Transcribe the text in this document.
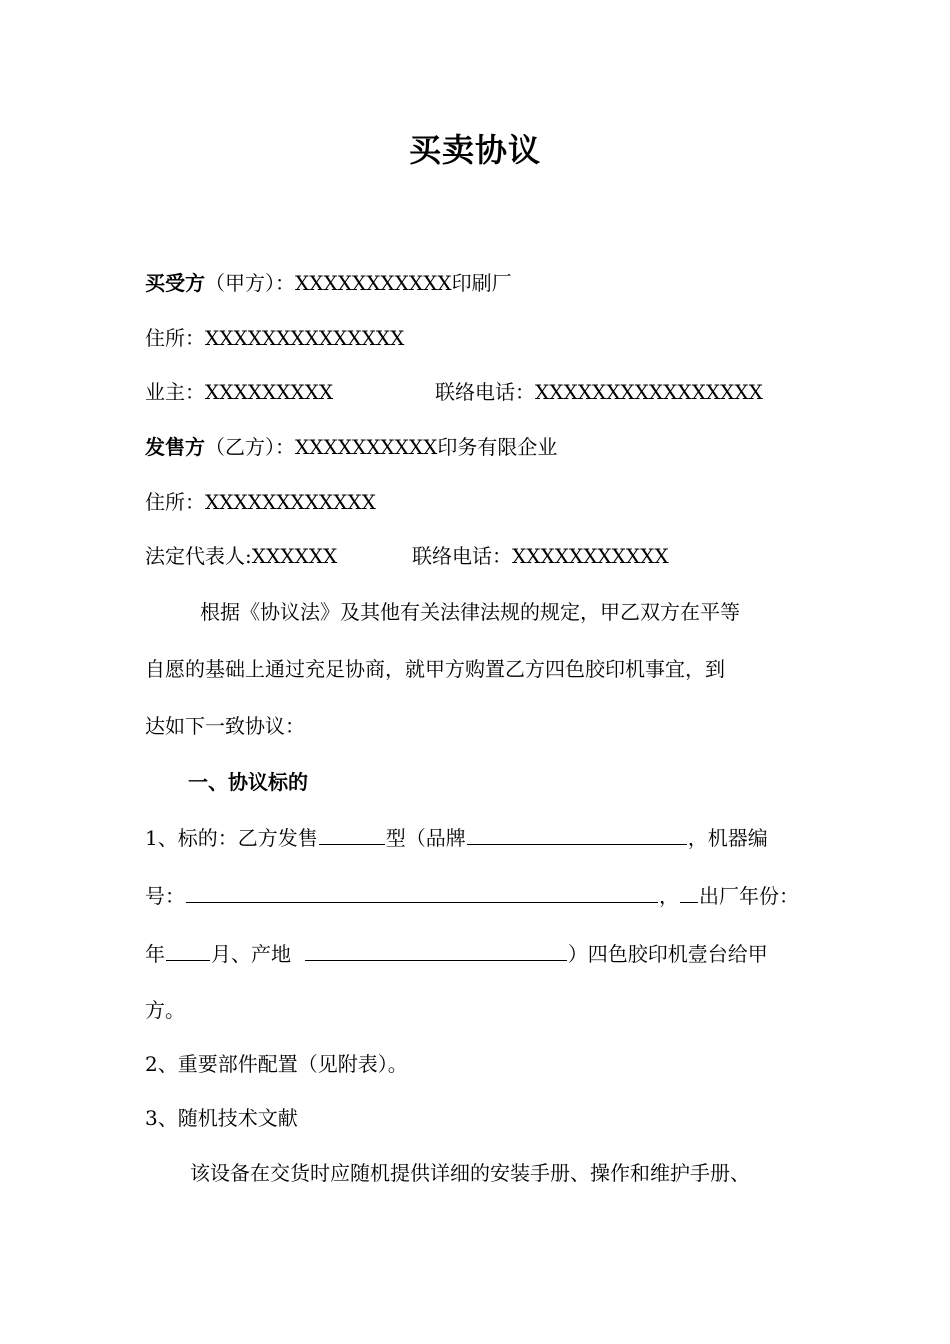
买卖协议
买受方（甲方）：XXXXXXXXXXX印刷厂
住所：XXXXXXXXXXXXXX
业主：XXXXXXXXX	联络电话：XXXXXXXXXXXXXXXX
发售方（乙方）：XXXXXXXXXX印务有限企业
住所：XXXXXXXXXXXX
法定代表人:XXXXXX	联络电话：XXXXXXXXXXX
根据《协议法》及其他有关法律法规的规定，甲乙双方在平等
自愿的基础上通过充足协商，就甲方购置乙方四色胶印机事宜，到
达如下一致协议：
一、协议标的
1、标的：乙方发售	型（品牌	，机器编
号：	， 出厂年份：
年 月、产地	）四色胶印机壹台给甲
方。
2、重要部件配置（见附表）。
3、随机技术文献
该设备在交货时应随机提供详细的安装手册、操作和维护手册、
